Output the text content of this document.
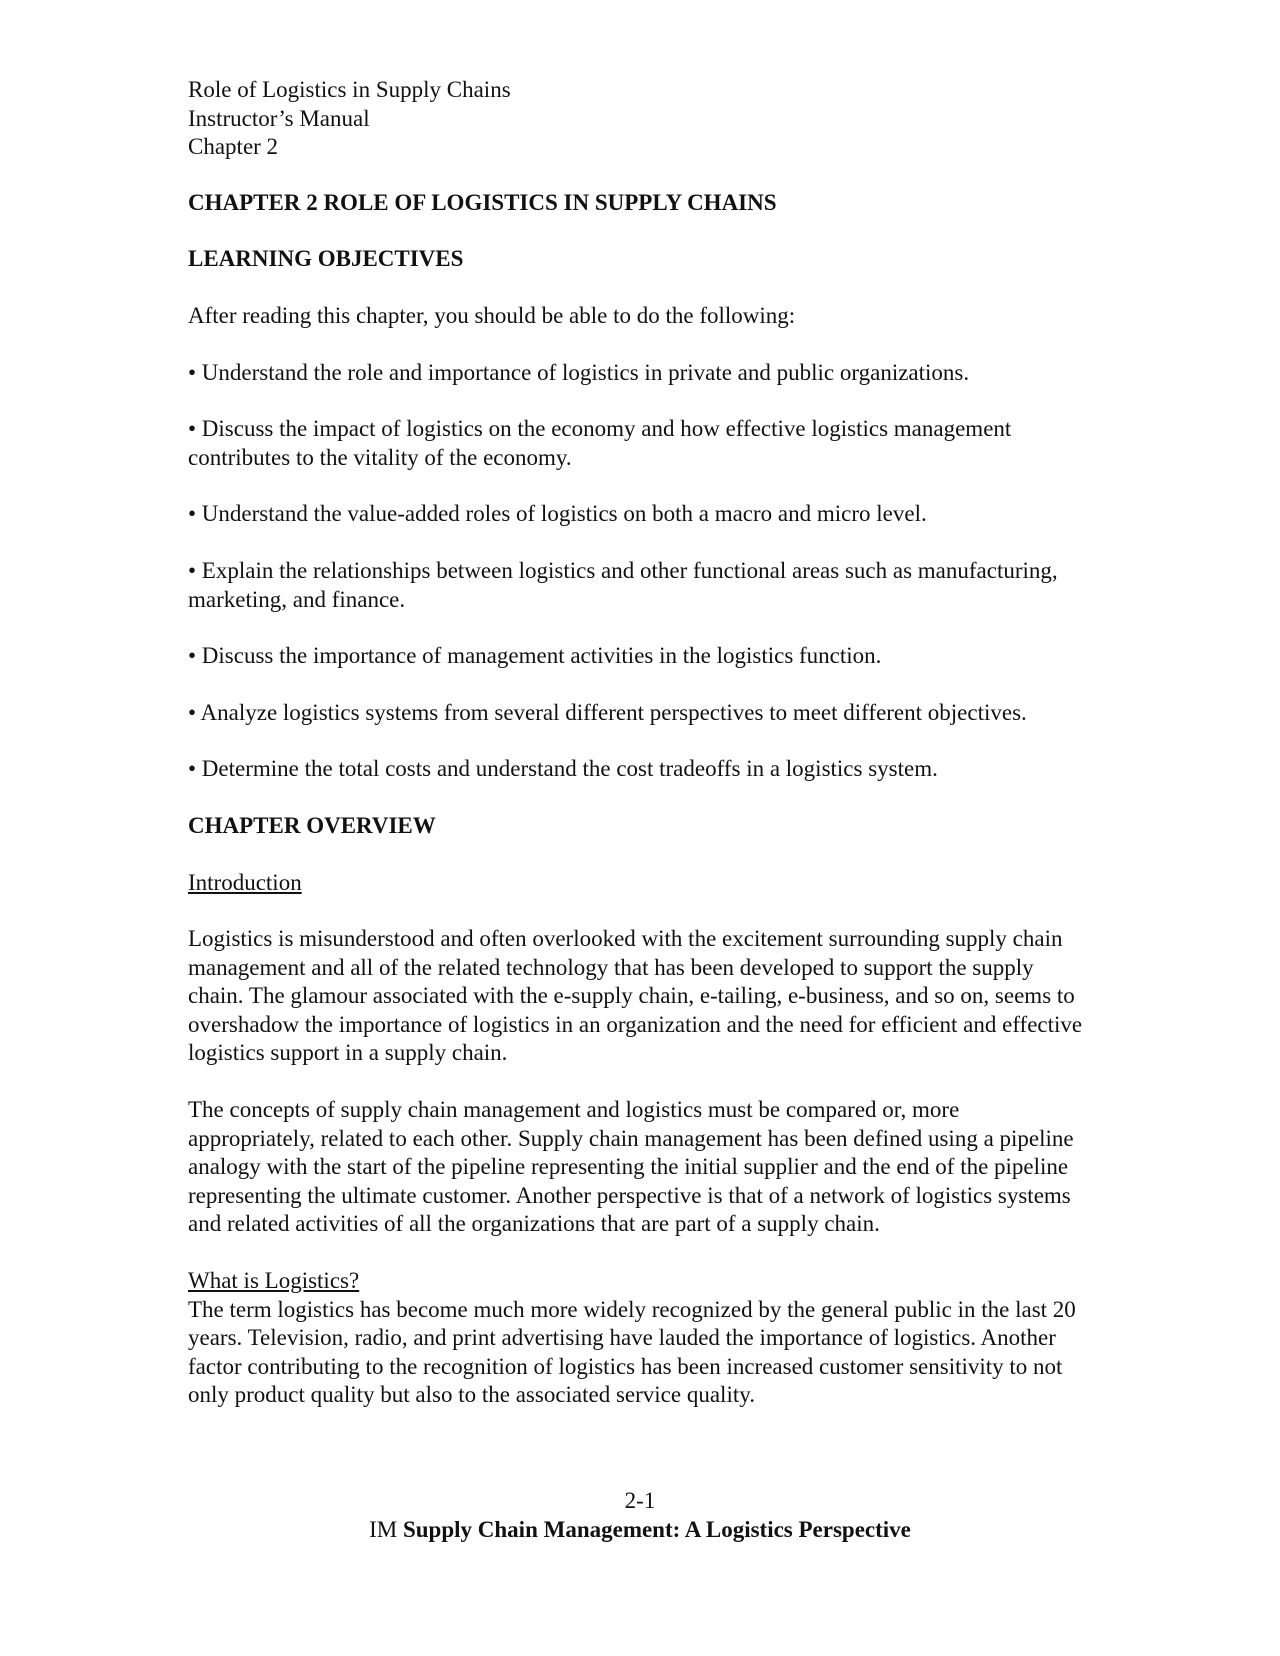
Role of Logistics in Supply Chains
Instructor’s Manual
Chapter 2
CHAPTER 2 ROLE OF LOGISTICS IN SUPPLY CHAINS
LEARNING OBJECTIVES
After reading this chapter, you should be able to do the following:
• Understand the role and importance of logistics in private and public organizations.
• Discuss the impact of logistics on the economy and how effective logistics management contributes to the vitality of the economy.
• Understand the value-added roles of logistics on both a macro and micro level.
• Explain the relationships between logistics and other functional areas such as manufacturing, marketing, and finance.
• Discuss the importance of management activities in the logistics function.
• Analyze logistics systems from several different perspectives to meet different objectives.
• Determine the total costs and understand the cost tradeoffs in a logistics system.
CHAPTER OVERVIEW
Introduction
Logistics is misunderstood and often overlooked with the excitement surrounding supply chain management and all of the related technology that has been developed to support the supply chain. The glamour associated with the e-supply chain, e-tailing, e-business, and so on, seems to overshadow the importance of logistics in an organization and the need for efficient and effective logistics support in a supply chain.
The concepts of supply chain management and logistics must be compared or, more appropriately, related to each other. Supply chain management has been defined using a pipeline analogy with the start of the pipeline representing the initial supplier and the end of the pipeline representing the ultimate customer. Another perspective is that of a network of logistics systems and related activities of all the organizations that are part of a supply chain.
What is Logistics?
The term logistics has become much more widely recognized by the general public in the last 20 years. Television, radio, and print advertising have lauded the importance of logistics. Another factor contributing to the recognition of logistics has been increased customer sensitivity to not only product quality but also to the associated service quality.
2-1
IM Supply Chain Management: A Logistics Perspective
